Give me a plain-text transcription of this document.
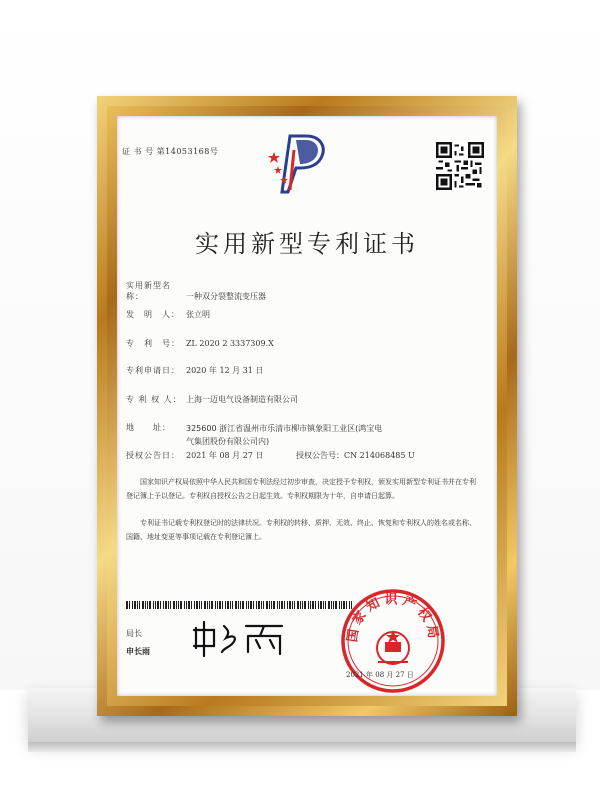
证 书 号 第14053168号
实用新型专利证书
实用新型名称：	一种双分裂整流变压器
发　明　人： 张立明
专　利　号： ZL 2020 2 3337309.X
专利申请日： 2020 年 12 月 31 日
专 利 权 人： 上海一迈电气设备制造有限公司
地　　址： 325600 浙江省温州市乐清市柳市镇象阳工业区(鸿宝电气集团股份有限公司内)
授权公告日： 2021 年 08 月 27 日	授权公告号：CN 214068485 U
国家知识产权局依照中华人民共和国专利法经过初步审查，决定授予专利权，颁发实用新型专利证书并在专利登记簿上予以登记。专利权自授权公告之日起生效。专利权期限为十年，自申请日起算。
专利证书记载专利权登记时的法律状况。专利权的转移、质押、无效、终止、恢复和专利权人的姓名或名称、国籍、地址变更等事项记载在专利登记簿上。
局长
申长雨
国家知识产权局
2021 年 08 月 27 日
